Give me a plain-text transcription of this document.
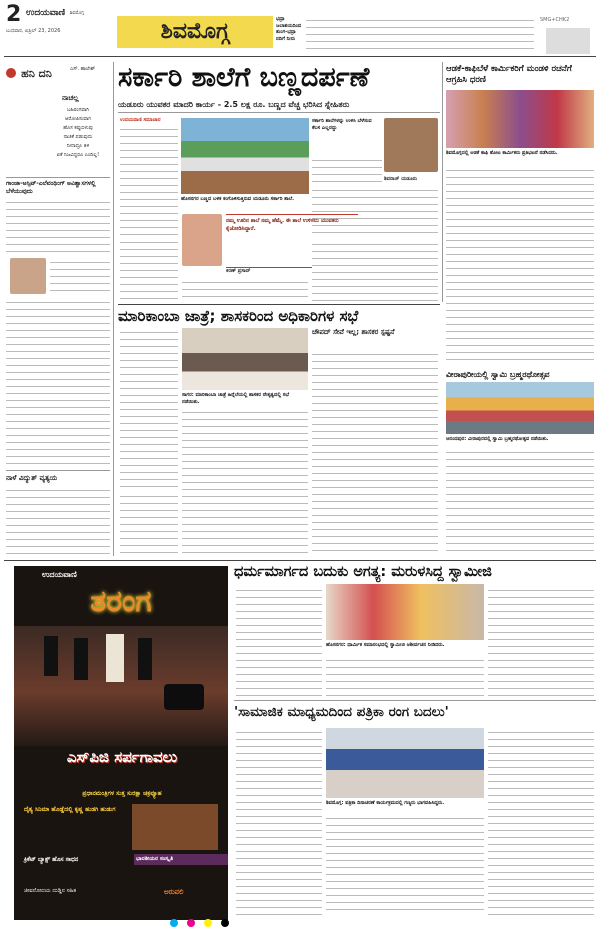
2 ಉದಯವಾಣಿ ಶಿವಮೊಗ್ಗ
ಬುಧವಾರ, ಏಪ್ರಿಲ್ 23, 2026	ಶಿವಮೊಗ್ಗ	ಭದ್ರಾ ಜಲಾಶಯದಿಂದ ತುಂಗ-ಭದ್ರಾ ನದಿಗೆ ನೀರು
SMG+CHK2
ಹನಿ ದನಿ	ಎಸ್. ಹಾಲೇಶ್
ನಾಚಲ್ಲ
ಬಹಿರಂಗವಾಗಿ
ಆರೋಪಿಸುವಾಗ
ಹೊಸ ಕಪ್ಪುಬಿಳುಪು
ನಾಚಿಕೆ ಪಡುವುದು
ನೀನಾದ್ರೂ ತಿಳಿ
ಏಕೆ ನಿಜವಿದ್ದರೂ ಎಂದಿಲ್ಲ!
ಗಾಂಜಾ-ಅಸ್ಸಿಟ್-ಎಲೆವಂಥಿಂಗ್ ಅವಿಶ್ವಾಸಗಳಲ್ಲಿ ಬೆಳೆಯುವುದು
ನಾಳೆ ವಿದ್ಯುತ್ ವ್ಯತ್ಯಯ
ಸರ್ಕಾರಿ ಶಾಲೆಗೆ ಬಣ್ಣದರ್ಪಣೆ
ಯಡೂರು ಯುವಕರ ಮಾದರಿ ಕಾರ್ಯ - 2.5 ಲಕ್ಷ ರೂ. ಬಣ್ಣದ ವೆಚ್ಚ ಭರಿಸಿದ ಸ್ನೇಹಿತರು
ಉದಯವಾಣಿ ಸಮಾಚಾರ	ಸರ್ಕಾರಿ ಶಾಲೆಗಳನ್ನು ಉಳಿಸಿ ಬೆಳೆಸುವ ಕೆಲಸ ಎಲ್ಲರದ್ದು
ಶಿವರಾಜ್ ಯಡೂರು
ಹೊಸನಗರ ಬಣ್ಣದ ಬಳಿಕ ಕಂಗೊಳಿಸುತ್ತಿರುವ ಯಡೂರು ಸರ್ಕಾರಿ ಶಾಲೆ.
ನಮ್ಮ ಊರಿನ ಶಾಲೆ ನಮ್ಮ ಹೆಮ್ಮೆ. ಈ ಶಾಲೆ ಉಳಿಸಲು ಯುವಕರು ಕೈಜೋಡಿಸಿದ್ದಾರೆ.
ಕಿರಣ್ ಪ್ರಸಾದ್
ಆಡಕೆ-ಕಾಫಿಬೆಳೆ ಕಾರ್ಮಿಕರಿಗೆ ಮಂಡಳಿ ರಚನೆಗೆ ಆಗ್ರಹಿಸಿ ಧರಣಿ
ಶಿವಮೊಗ್ಗದಲ್ಲಿ ಅಡಕೆ ಕಾಫಿ ತೋಟ ಕಾರ್ಮಿಕರು ಪ್ರತಿಭಟನೆ ನಡೆಸಿದರು.
ಮಾರಿಕಾಂಬಾ ಜಾತ್ರೆ; ಶಾಸಕರಿಂದ ಅಧಿಕಾರಿಗಳ ಸಭೆ
ಸಾಗರ: ಮಾರಿಕಾಂಬಾ ಜಾತ್ರೆ ಹಿನ್ನೆಲೆಯಲ್ಲಿ ಶಾಸಕರ ನೇತೃತ್ವದಲ್ಲಿ ಸಭೆ ನಡೆಯಿತು.
ಚೌಪದ್ ಸೇವೆ ಇಲ್ಲ; ಶಾಸಕರ ಸ್ಪಷ್ಟನೆ
ವೀರಾಪುರೀಯಲ್ಲಿ ಸ್ವಾಮಿ ಬ್ರಹ್ಮರಥೋತ್ಸವ
ಆನಂದಪುರ: ವೀರಾಪುರದಲ್ಲಿ ಸ್ವಾಮಿ ಬ್ರಹ್ಮರಥೋತ್ಸವ ನಡೆಯಿತು.
ಉದಯವಾಣಿ
ತರಂಗ
ಎಸ್‌ಪಿಜಿ ಸರ್ಪಗಾವಲು
ಪ್ರಧಾನಮಂತ್ರಿಗಳ ಸುತ್ತ ಸುರಕ್ಷಾ ಚಕ್ರವ್ಯೂಹ
ದೈತ್ಯ ಸಿನಿಮಾ ಹೊಡ್ಡೆದಲ್ಲಿ ಕೃಷ್ಣ ಹುಡಗಿ ಹುಡುಗ
ಭಾರತೀಯರ ಸಂಸ್ಕೃತಿ
ಕ್ರಿಕೆಟ್ ಬ್ಯಾಕ್ಟ್ ಹೊಸ ಸಾಧನ
ಜೀವನೋದಯ ದುಡ್ಡಿನ ಸಹಿತ	ಅರುವಲಿ
ಧರ್ಮಮಾರ್ಗದ ಬದುಕು ಅಗತ್ಯ: ಮರುಳಸಿದ್ದ ಸ್ವಾಮೀಜಿ
ಹೊಸನಗರ: ಧಾರ್ಮಿಕ ಸಮಾರಂಭದಲ್ಲಿ ಸ್ವಾಮೀಜಿ ಆಶೀರ್ವಚನ ನೀಡಿದರು.
'ಸಾಮಾಜಿಕ ಮಾಧ್ಯಮದಿಂದ ಪತ್ರಿಕಾ ರಂಗ ಬದಲು'
ಶಿವಮೊಗ್ಗ: ಪತ್ರಿಕಾ ದಿನಾಚರಣೆ ಕಾರ್ಯಕ್ರಮದಲ್ಲಿ ಗಣ್ಯರು ಭಾಗವಹಿಸಿದ್ದರು.
